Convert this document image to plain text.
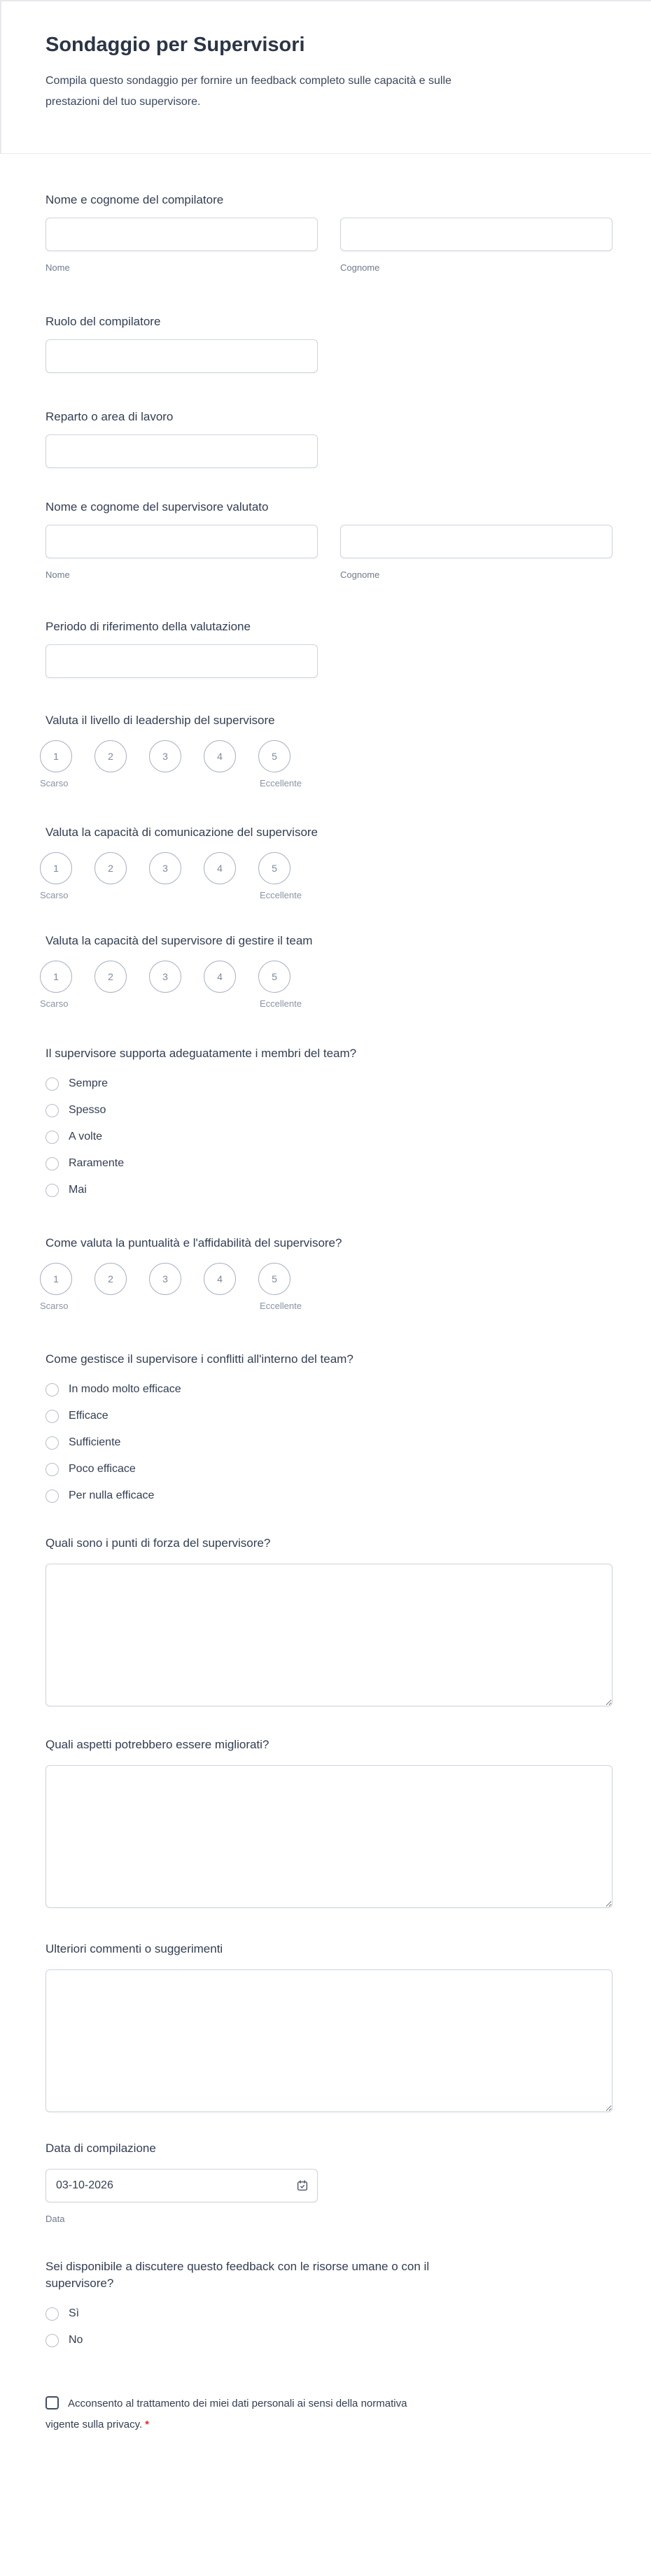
Sondaggio per Supervisori

Compila questo sondaggio per fornire un feedback completo sulle capacità e sulle prestazioni del tuo supervisore.

Nome e cognome del compilatore
Nome	Cognome
Ruolo del compilatore
Reparto o area di lavoro
Nome e cognome del supervisore valutato
Nome	Cognome
Periodo di riferimento della valutazione
Valuta il livello di leadership del supervisore
1	2	3	4	5
Scarso	Eccellente
Valuta la capacità di comunicazione del supervisore
1	2	3	4	5
Scarso	Eccellente
Valuta la capacità del supervisore di gestire il team
1	2	3	4	5
Scarso	Eccellente
Il supervisore supporta adeguatamente i membri del team?
Sempre
Spesso
A volte
Raramente
Mai
Come valuta la puntualità e l'affidabilità del supervisore?
1	2	3	4	5
Scarso	Eccellente
Come gestisce il supervisore i conflitti all'interno del team?
In modo molto efficace
Efficace
Sufficiente
Poco efficace
Per nulla efficace
Quali sono i punti di forza del supervisore?
Quali aspetti potrebbero essere migliorati?
Ulteriori commenti o suggerimenti
Data di compilazione
03-10-2026
Data
Sei disponibile a discutere questo feedback con le risorse umane o con il supervisore?
Sì
No
Acconsento al trattamento dei miei dati personali ai sensi della normativa vigente sulla privacy. *
